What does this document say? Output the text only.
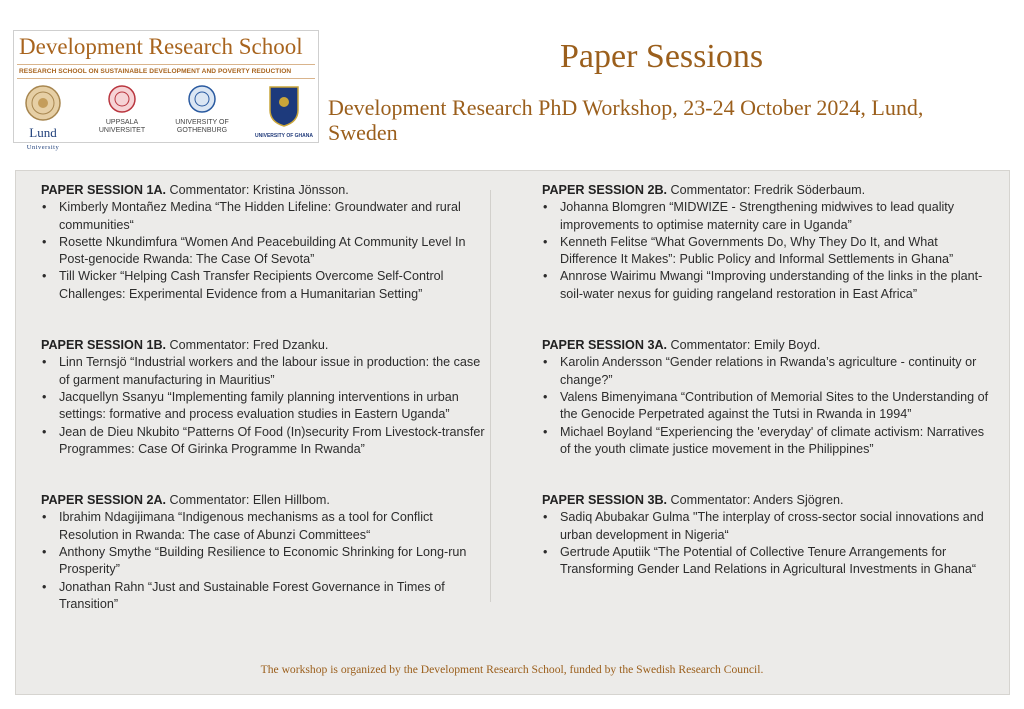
Development Research School
RESEARCH SCHOOL ON SUSTAINABLE DEVELOPMENT AND POVERTY REDUCTION
Lund
University
UPPSALA
UNIVERSITET
UNIVERSITY OF
GOTHENBURG
UNIVERSITY OF GHANA
Paper Sessions
Development Research PhD Workshop, 23-24 October 2024, Lund, Sweden
PAPER SESSION 1A. Commentator: Kristina Jönsson.
• Kimberly Montañez Medina “The Hidden Lifeline: Groundwater and rural communities“
• Rosette Nkundimfura “Women And Peacebuilding At Community Level In Post-genocide Rwanda: The Case Of Sevota”
• Till Wicker “Helping Cash Transfer Recipients Overcome Self-Control Challenges: Experimental Evidence from a Humanitarian Setting”
PAPER SESSION 1B. Commentator: Fred Dzanku.
• Linn Ternsjö “Industrial workers and the labour issue in production: the case of garment manufacturing in Mauritius”
• Jacquellyn Ssanyu “Implementing family planning interventions in urban settings: formative and process evaluation studies in Eastern Uganda”
• Jean de Dieu Nkubito “Patterns Of Food (In)security From Livestock-transfer Programmes: Case Of Girinka Programme In Rwanda”
PAPER SESSION 2A. Commentator: Ellen Hillbom.
• Ibrahim Ndagijimana “Indigenous mechanisms as a tool for Conflict Resolution in Rwanda: The case of Abunzi Committees“
• Anthony Smythe “Building Resilience to Economic Shrinking for Long-run Prosperity”
• Jonathan Rahn “Just and Sustainable Forest Governance in Times of Transition”
PAPER SESSION 2B. Commentator: Fredrik Söderbaum.
• Johanna Blomgren “MIDWIZE - Strengthening midwives to lead quality improvements to optimise maternity care in Uganda”
• Kenneth Felitse “What Governments Do, Why They Do It, and What Difference It Makes”: Public Policy and Informal Settlements in Ghana”
• Annrose Wairimu Mwangi “Improving understanding of the links in the plant-soil-water nexus for guiding rangeland restoration in East Africa”
PAPER SESSION 3A. Commentator: Emily Boyd.
• Karolin Andersson “Gender relations in Rwanda’s agriculture - continuity or change?”
• Valens Bimenyimana “Contribution of Memorial Sites to the Understanding of the Genocide Perpetrated against the Tutsi in Rwanda in 1994”
• Michael Boyland “Experiencing the 'everyday' of climate activism: Narratives of the youth climate justice movement in the Philippines”
PAPER SESSION 3B. Commentator: Anders Sjögren.
• Sadiq Abubakar Gulma "The interplay of cross-sector social innovations and urban development in Nigeria“
• Gertrude Aputiik “The Potential of Collective Tenure Arrangements for Transforming Gender Land Relations in Agricultural Investments in Ghana“
The workshop is organized by the Development Research School, funded by the Swedish Research Council.
